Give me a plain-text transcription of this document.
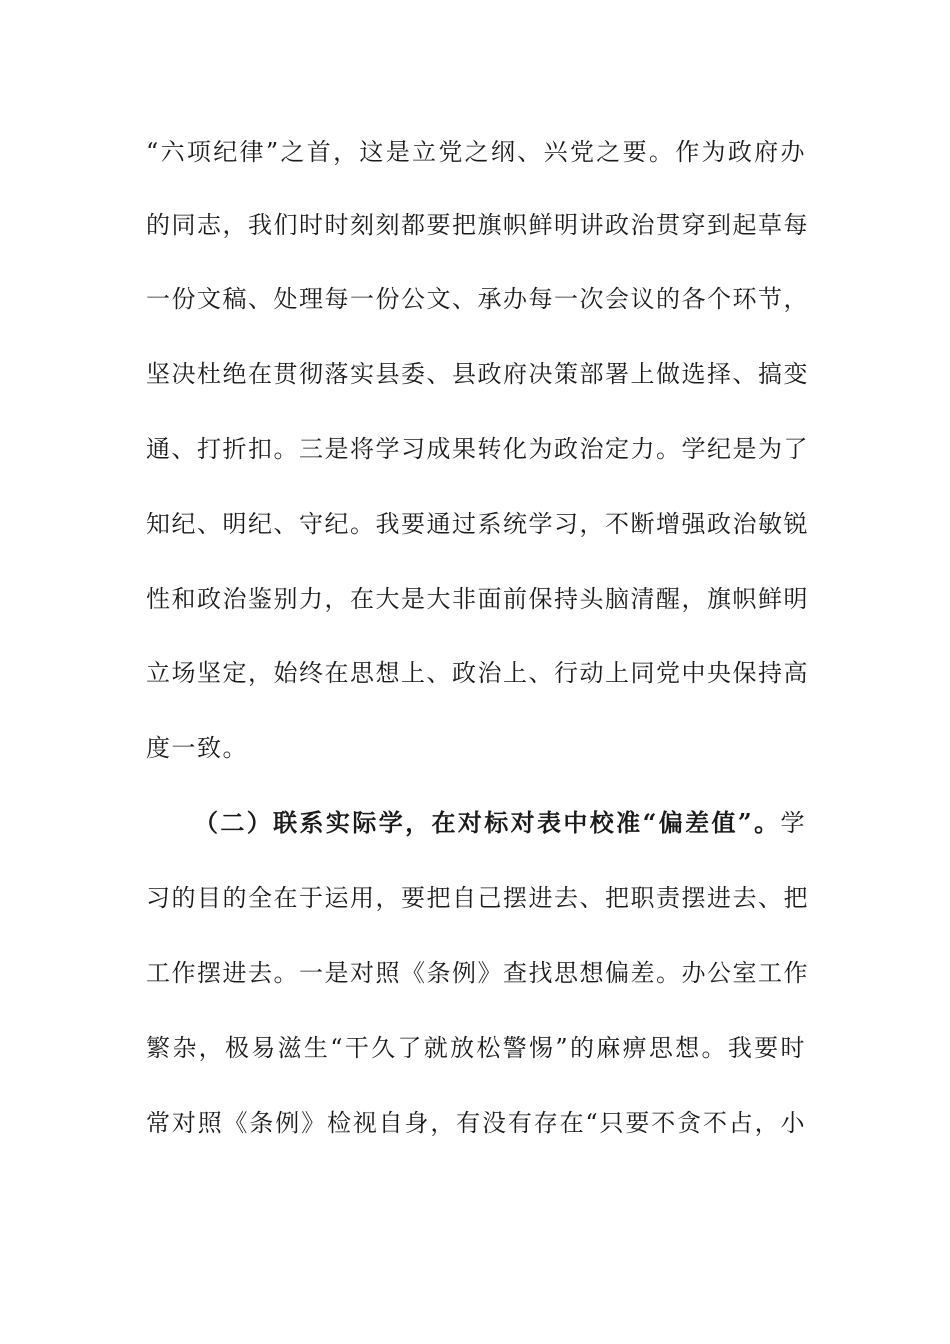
“六项纪律”之首，这是立党之纲、兴党之要。作为政府办
的同志，我们时时刻刻都要把旗帜鲜明讲政治贯穿到起草每
一份文稿、处理每一份公文、承办每一次会议的各个环节，
坚决杜绝在贯彻落实县委、县政府决策部署上做选择、搞变
通、打折扣。三是将学习成果转化为政治定力。学纪是为了
知纪、明纪、守纪。我要通过系统学习，不断增强政治敏锐
性和政治鉴别力，在大是大非面前保持头脑清醒，旗帜鲜明
立场坚定，始终在思想上、政治上、行动上同党中央保持高
度一致。
（二）联系实际学，在对标对表中校准“偏差值”。学
习的目的全在于运用，要把自己摆进去、把职责摆进去、把
工作摆进去。一是对照《条例》查找思想偏差。办公室工作
繁杂，极易滋生“干久了就放松警惕”的麻痹思想。我要时
常对照《条例》检视自身，有没有存在“只要不贪不占，小
